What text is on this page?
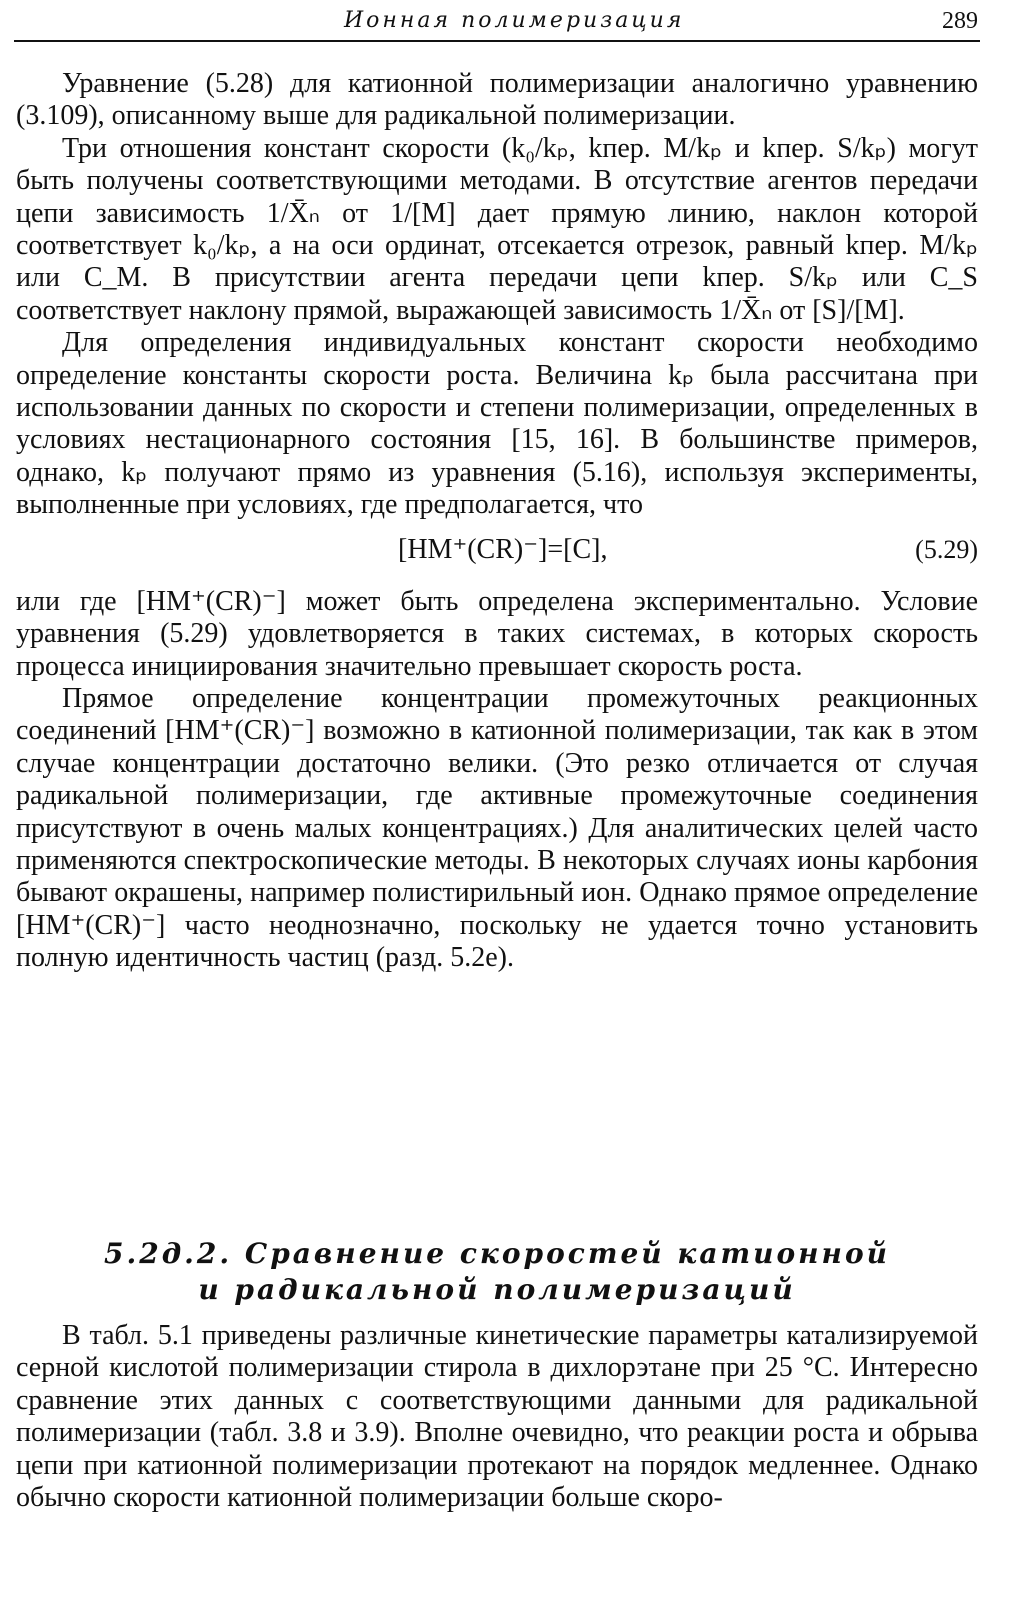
Ионная полимеризация	289

Уравнение (5.28) для катионной полимеризации аналогично уравнению (3.109), описанному выше для радикальной полимеризации.

Три отношения констант скорости (k₀/kₚ, kпер. M/kₚ и kпер. S/kₚ) могут быть получены соответствующими методами. В отсутствие агентов передачи цепи зависимость 1/X̄ₙ от 1/[M] дает прямую линию, наклон которой соответствует k₀/kₚ, а на оси ординат, отсекается отрезок, равный kпер. M/kₚ или C_M. В присутствии агента передачи цепи kпер. S/kₚ или C_S соответствует наклону прямой, выражающей зависимость 1/X̄ₙ от [S]/[M].

Для определения индивидуальных констант скорости необходимо определение константы скорости роста. Величина kₚ была рассчитана при использовании данных по скорости и степени полимеризации, определенных в условиях нестационарного состояния [15, 16]. В большинстве примеров, однако, kₚ получают прямо из уравнения (5.16), используя эксперименты, выполненные при условиях, где предполагается, что

[HM⁺(CR)⁻]=[C],	(5.29)

или где [HM⁺(CR)⁻] может быть определена экспериментально. Условие уравнения (5.29) удовлетворяется в таких системах, в которых скорость процесса инициирования значительно превышает скорость роста.

Прямое определение концентрации промежуточных реакционных соединений [HM⁺(CR)⁻] возможно в катионной полимеризации, так как в этом случае концентрации достаточно велики. (Это резко отличается от случая радикальной полимеризации, где активные промежуточные соединения присутствуют в очень малых концентрациях.) Для аналитических целей часто применяются спектроскопические методы. В некоторых случаях ионы карбония бывают окрашены, например полистирильный ион. Однако прямое определение [HM⁺(CR)⁻] часто неоднозначно, поскольку не удается точно установить полную идентичность частиц (разд. 5.2е).

5.2д.2. Сравнение скоростей катионной
и радикальной полимеризаций

В табл. 5.1 приведены различные кинетические параметры катализируемой серной кислотой полимеризации стирола в дихлорэтане при 25 °С. Интересно сравнение этих данных с соответствующими данными для радикальной полимеризации (табл. 3.8 и 3.9). Вполне очевидно, что реакции роста и обрыва цепи при катионной полимеризации протекают на порядок медленнее. Однако обычно скорости катионной полимеризации больше скоро-
